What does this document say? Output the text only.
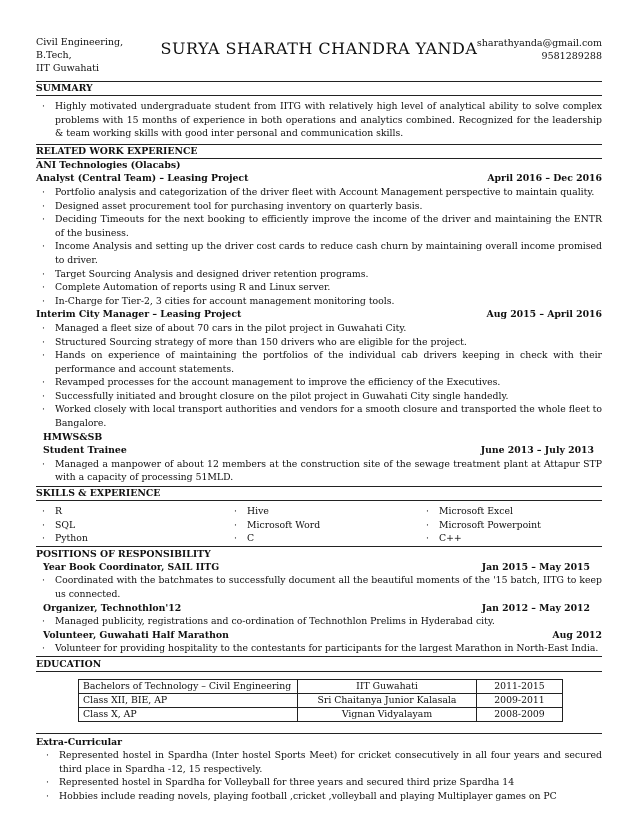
Civil Engineering,
B.Tech,
IIT Guwahati
SURYA SHARATH CHANDRA YANDA sharathyanda@gmail.com
9581289288
SUMMARY
· Highly motivated undergraduate student from IITG with relatively high level of analytical ability to solve complex problems with 15 months of experience in both operations and analytics combined. Recognized for the leadership & team working skills with good inter personal and communication skills.
RELATED WORK EXPERIENCE
ANI Technologies (Olacabs)
Analyst (Central Team) – Leasing Project	April 2016 – Dec 2016
· Portfolio analysis and categorization of the driver fleet with Account Management perspective to maintain quality.
· Designed asset procurement tool for purchasing inventory on quarterly basis.
· Deciding Timeouts for the next booking to efficiently improve the income of the driver and maintaining the ENTR of the business.
· Income Analysis and setting up the driver cost cards to reduce cash churn by maintaining overall income promised to driver.
· Target Sourcing Analysis and designed driver retention programs.
· Complete Automation of reports using R and Linux server.
· In-Charge for Tier-2, 3 cities for account management monitoring tools.
Interim City Manager – Leasing Project	Aug 2015 – April 2016
· Managed a fleet size of about 70 cars in the pilot project in Guwahati City.
· Structured Sourcing strategy of more than 150 drivers who are eligible for the project.
· Hands on experience of maintaining the portfolios of the individual cab drivers keeping in check with their performance and account statements.
· Revamped processes for the account management to improve the efficiency of the Executives.
· Successfully initiated and brought closure on the pilot project in Guwahati City single handedly.
· Worked closely with local transport authorities and vendors for a smooth closure and transported the whole fleet to Bangalore.
HMWS&SB
Student Trainee	June 2013 – July 2013
· Managed a manpower of about 12 members at the construction site of the sewage treatment plant at Attapur STP with a capacity of processing 51MLD.
SKILLS & EXPERIENCE
· R	· Hive	· Microsoft Excel
· SQL	· Microsoft Word	· Microsoft Powerpoint
· Python	· C	· C++
POSITIONS OF RESPONSIBILITY
Year Book Coordinator, SAIL IITG	Jan 2015 – May 2015
· Coordinated with the batchmates to successfully document all the beautiful moments of the '15 batch, IITG to keep us connected.
Organizer, Technothlon'12	Jan 2012 – May 2012
· Managed publicity, registrations and co-ordination of Technothlon Prelims in Hyderabad city.
Volunteer, Guwahati Half Marathon	Aug 2012
· Volunteer for providing hospitality to the contestants for participants for the largest Marathon in North-East India.
EDUCATION
Bachelors of Technology – Civil Engineering	IIT Guwahati	2011-2015
Class XII, BIE, AP	Sri Chaitanya Junior Kalasala	2009-2011
Class X, AP	Vignan Vidyalayam	2008-2009
Extra-Curricular
· Represented hostel in Spardha (Inter hostel Sports Meet) for cricket consecutively in all four years and secured third place in Spardha -12, 15 respectively.
· Represented hostel in Spardha for Volleyball for three years and secured third prize Spardha 14
· Hobbies include reading novels, playing football ,cricket ,volleyball and playing Multiplayer games on PC
